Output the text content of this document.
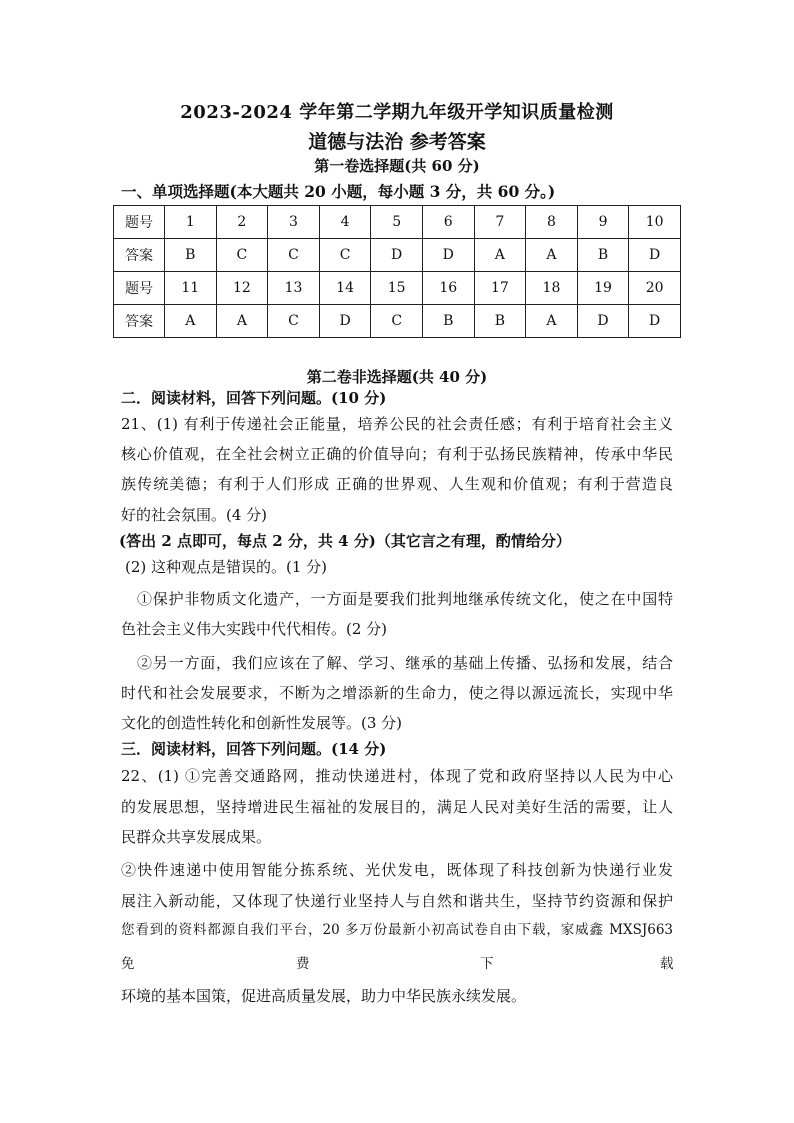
2023-2024 学年第二学期九年级开学知识质量检测
道德与法治 参考答案
第一卷选择题(共 60 分)
一、单项选择题(本大题共 20 小题，每小题 3 分，共 60 分。)
题号	1	2	3	4	5	6	7	8	9	10
答案	B	C	C	C	D	D	A	A	B	D
题号	11	12	13	14	15	16	17	18	19	20
答案	A	A	C	D	C	B	B	A	D	D
第二卷非选择题(共 40 分)
二．阅读材料，回答下列问题。(10 分)
21、(1) 有利于传递社会正能量，培养公民的社会责任感；有利于培育社会主义
核心价值观，在全社会树立正确的价值导向；有利于弘扬民族精神，传承中华民
族传统美德；有利于人们形成 正确的世界观、人生观和价值观；有利于营造良
好的社会氛围。(4 分)
(答出 2 点即可，每点 2 分，共 4 分)（其它言之有理，酌情给分）
(2) 这种观点是错误的。(1 分)
①保护非物质文化遗产，一方面是要我们批判地继承传统文化，使之在中国特
色社会主义伟大实践中代代相传。(2 分)
②另一方面，我们应该在了解、学习、继承的基础上传播、弘扬和发展，结合
时代和社会发展要求，不断为之增添新的生命力，使之得以源远流长，实现中华
文化的创造性转化和创新性发展等。(3 分)
三．阅读材料，回答下列问题。(14 分)
22、(1) ①完善交通路网，推动快递进村，体现了党和政府坚持以人民为中心
的发展思想，坚持增进民生福祉的发展目的，满足人民对美好生活的需要，让人
民群众共享发展成果。
②快件速递中使用智能分拣系统、光伏发电，既体现了科技创新为快递行业发
展注入新动能，又体现了快递行业坚持人与自然和谐共生，坚持节约资源和保护
您看到的资料都源自我们平台，20 多万份最新小初高试卷自由下载，家威鑫 MXSJ663
免	费	下	载
环境的基本国策，促进高质量发展，助力中华民族永续发展。
